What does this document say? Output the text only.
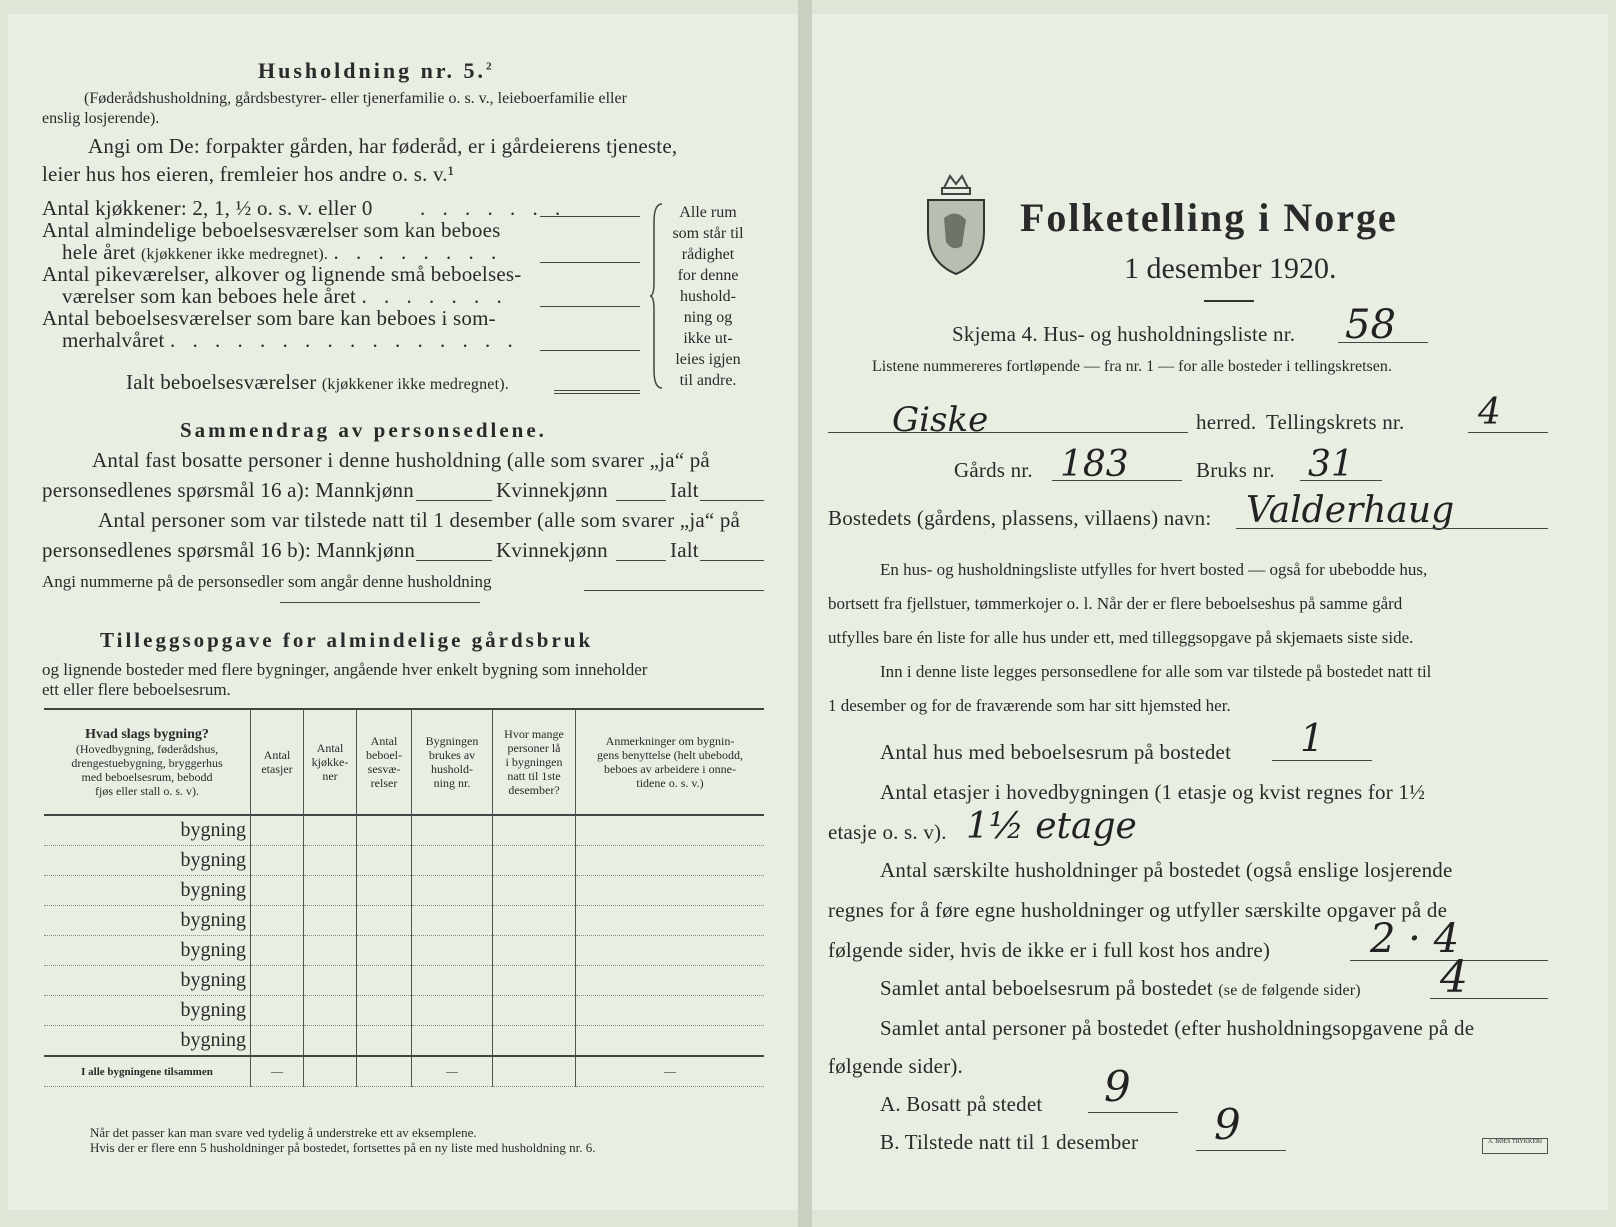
Husholdning nr. 5.$^2$
(Føderådshusholdning, gårdsbestyrer- eller tjenerfamilie o. s. v., leieboerfamilie eller
enslig losjerende).
Angi om De: forpakter gården, har føderåd, er i gårdeierens tjeneste,
leier hus hos eieren, fremleier hos andre o. s. v.¹
Antal kjøkkener: 2, 1, ½ o. s. v. eller 0 . . . . . . .
Antal almindelige beboelsesværelser som kan beboes
hele året (kjøkkener ikke medregnet). . . . . . . . .
Antal pikeværelser, alkover og lignende små beboelses-
værelser som kan beboes hele året . . . . . . .
Antal beboelsesværelser som bare kan beboes i som-
merhalvåret . . . . . . . . . . . . . . . .
Ialt beboelsesværelser (kjøkkener ikke medregnet).
Alle rum
som står til
rådighet
for denne
hushold-
ning og
ikke ut-
leies igjen
til andre.
Sammendrag av personsedlene.
Antal fast bosatte personer i denne husholdning (alle som svarer „ja“ på
personsedlenes spørsmål 16 a): Mannkjønn	Kvinnekjønn	Ialt
Antal personer som var tilstede natt til 1 desember (alle som svarer „ja“ på
personsedlenes spørsmål 16 b): Mannkjønn	Kvinnekjønn	Ialt
Angi nummerne på de personsedler som angår denne husholdning
Tilleggsopgave for almindelige gårdsbruk
og lignende bosteder med flere bygninger, angående hver enkelt bygning som inneholder
ett eller flere beboelsesrum.
Hvad slags bygning?
(Hovedbygning, føderådshus,
drengestuebygning, bryggerhus
med beboelsesrum, bebodd
fjøs eller stall o. s. v).	Antal
etasjer	Antal
kjøkke-
ner	Antal
beboel-
sesvæ-
relser	Bygningen
brukes av
hushold-
ning nr.	Hvor mange
personer lå
i bygningen
natt til 1ste
desember?	Anmerkninger om bygnin-
gens benyttelse (helt ubebodd,
beboes av arbeidere i onne-
tidene o. s. v.)
bygning						
bygning						
bygning						
bygning						
bygning						
bygning						
bygning						
bygning						
I alle bygningene tilsammen	—			—		—
Når det passer kan man svare ved tydelig å understreke ett av eksemplene.
Hvis der er flere enn 5 husholdninger på bostedet, fortsettes på en ny liste med husholdning nr. 6.
Folketelling i Norge
1 desember 1920.
Skjema 4. Hus- og husholdningsliste nr. 58
Listene nummereres fortløpende — fra nr. 1 — for alle bosteder i tellingskretsen.
Giske	herred. Tellingskrets nr. 4
Gårds nr. 183	Bruks nr. 31
Bostedets (gårdens, plassens, villaens) navn: Valderhaug
En hus- og husholdningsliste utfylles for hvert bosted — også for ubebodde hus,
bortsett fra fjellstuer, tømmerkojer o. l. Når der er flere beboelseshus på samme gård
utfylles bare én liste for alle hus under ett, med tilleggsopgave på skjemaets siste side.
Inn i denne liste legges personsedlene for alle som var tilstede på bostedet natt til
1 desember og for de fraværende som har sitt hjemsted her.
Antal hus med beboelsesrum på bostedet 1
Antal etasjer i hovedbygningen (1 etasje og kvist regnes for 1½
etasje o. s. v). 1½ etage
Antal særskilte husholdninger på bostedet (også enslige losjerende
regnes for å føre egne husholdninger og utfyller særskilte opgaver på de
følgende sider, hvis de ikke er i full kost hos andre) 2 · 4
Samlet antal beboelsesrum på bostedet (se de følgende sider) 4
Samlet antal personer på bostedet (efter husholdningsopgavene på de
følgende sider).
A. Bosatt på stedet 9
B. Tilstede natt til 1 desember 9	A. BØES TRYKKERI
